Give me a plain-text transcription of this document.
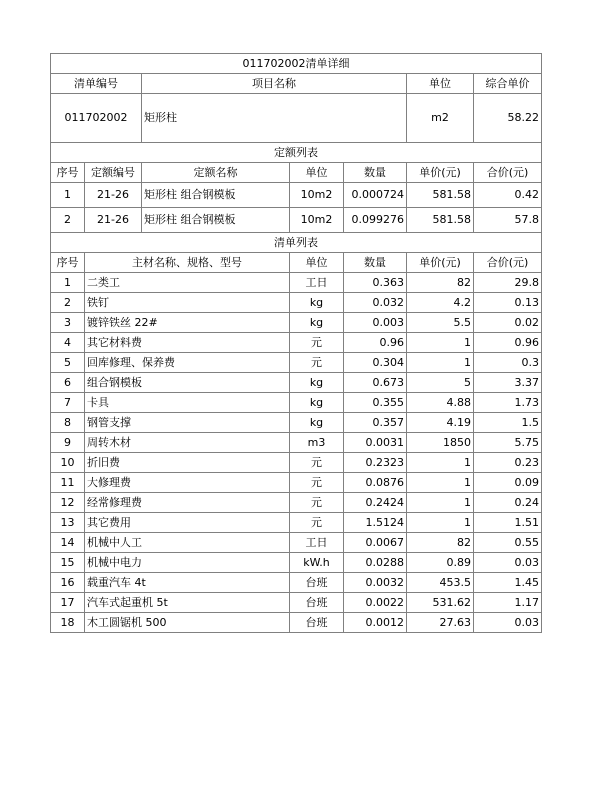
011702002清单详细						
清单编号		项目名称			单位	综合单价
011702002		矩形柱			m2	58.22
定额列表						
序号	定额编号	定额名称	单位	数量	单价(元)	合价(元)
1	21-26	矩形柱 组合钢模板	10m2	0.000724	581.58	0.42
2	21-26	矩形柱 组合钢模板	10m2	0.099276	581.58	57.8
清单列表						
序号	主材名称、规格、型号		单位	数量	单价(元)	合价(元)
1	二类工		工日	0.363	82	29.8
2	铁钉		kg	0.032	4.2	0.13
3	镀锌铁丝 22#		kg	0.003	5.5	0.02
4	其它材料费		元	0.96	1	0.96
5	回库修理、保养费		元	0.304	1	0.3
6	组合钢模板		kg	0.673	5	3.37
7	卡具		kg	0.355	4.88	1.73
8	钢管支撑		kg	0.357	4.19	1.5
9	周转木材		m3	0.0031	1850	5.75
10	折旧费		元	0.2323	1	0.23
11	大修理费		元	0.0876	1	0.09
12	经常修理费		元	0.2424	1	0.24
13	其它费用		元	1.5124	1	1.51
14	机械中人工		工日	0.0067	82	0.55
15	机械中电力		kW.h	0.0288	0.89	0.03
16	载重汽车 4t		台班	0.0032	453.5	1.45
17	汽车式起重机 5t		台班	0.0022	531.62	1.17
18	木工圆锯机 500		台班	0.0012	27.63	0.03
